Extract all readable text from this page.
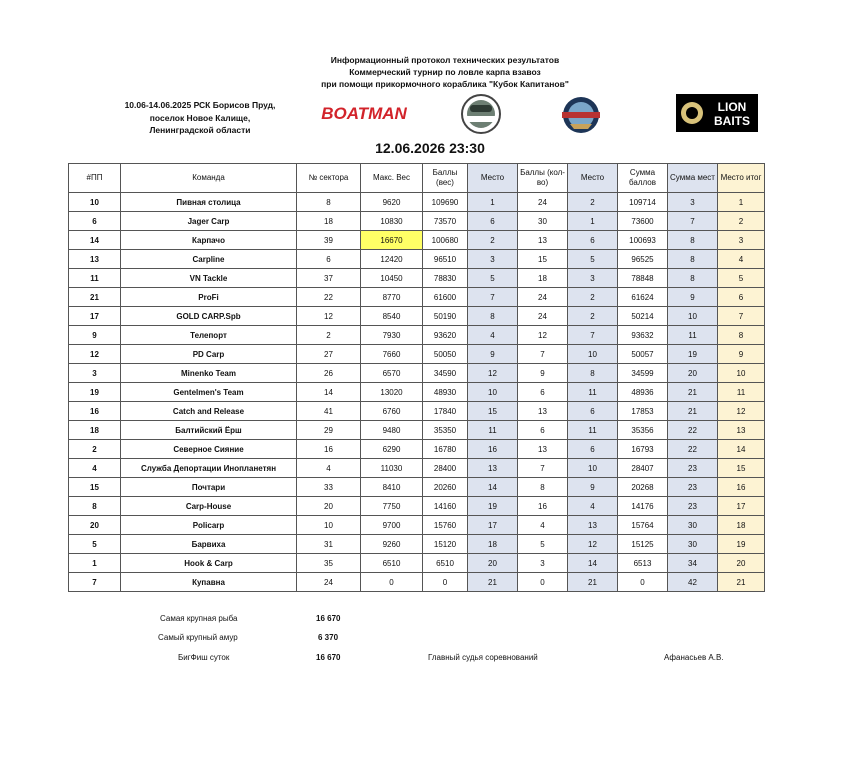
Информационный протокол технических результатов
Коммерческий турнир по ловле карпа взавоз
при помощи прикормочного кораблика "Кубок Капитанов"
10.06-14.06.2025 РСК Борисов Пруд,
поселок Новое Калище,
Ленинградской области
BOATMAN	LION
BAITS
12.06.2026 23:30
#ПП	Команда	№ сектора	Макс. Вес	Баллы (вес)	Место	Баллы (кол-во)	Место	Сумма баллов	Сумма мест	Место итог
10	Пивная столица	8	9620	109690	1	24	2	109714	3	1
6	Jager Carp	18	10830	73570	6	30	1	73600	7	2
14	Карпачо	39	16670	100680	2	13	6	100693	8	3
13	Carpline	6	12420	96510	3	15	5	96525	8	4
11	VN Tackle	37	10450	78830	5	18	3	78848	8	5
21	ProFi	22	8770	61600	7	24	2	61624	9	6
17	GOLD CARP.Spb	12	8540	50190	8	24	2	50214	10	7
9	Телепорт	2	7930	93620	4	12	7	93632	11	8
12	PD Carp	27	7660	50050	9	7	10	50057	19	9
3	Minenko Team	26	6570	34590	12	9	8	34599	20	10
19	Gentelmen's Team	14	13020	48930	10	6	11	48936	21	11
16	Catch and Release	41	6760	17840	15	13	6	17853	21	12
18	Балтийский Ёрш	29	9480	35350	11	6	11	35356	22	13
2	Северное Сияние	16	6290	16780	16	13	6	16793	22	14
4	Служба Депортации Инопланетян	4	11030	28400	13	7	10	28407	23	15
15	Почтари	33	8410	20260	14	8	9	20268	23	16
8	Carp-House	20	7750	14160	19	16	4	14176	23	17
20	Policarp	10	9700	15760	17	4	13	15764	30	18
5	Барвиха	31	9260	15120	18	5	12	15125	30	19
1	Hook & Carp	35	6510	6510	20	3	14	6513	34	20
7	Купавна	24	0	0	21	0	21	0	42	21
Самая крупная рыба	16 670
Самый крупный амур	6 370
БигФиш суток	16 670	Главный судья соревнований	Афанасьев А.В.
